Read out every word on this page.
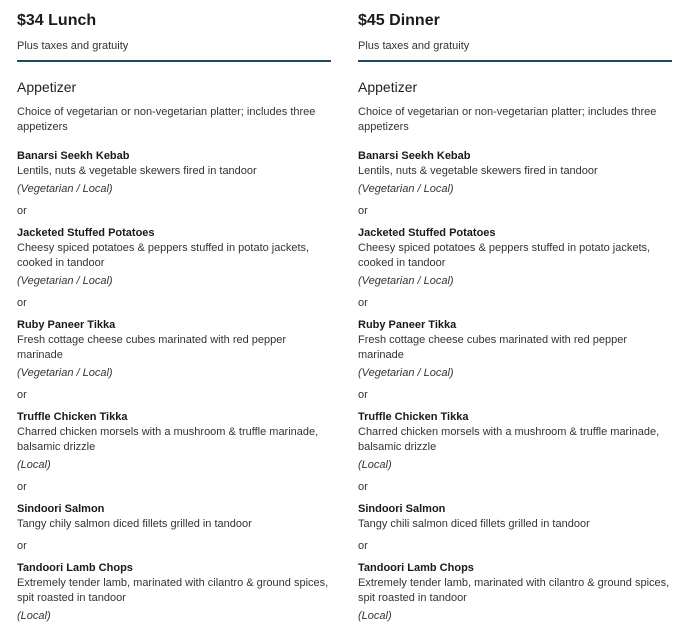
$34 Lunch
Plus taxes and gratuity
Appetizer
Choice of vegetarian or non-vegetarian platter; includes three appetizers
Banarsi Seekh Kebab
Lentils, nuts & vegetable skewers fired in tandoor
(Vegetarian / Local)
or
Jacketed Stuffed Potatoes
Cheesy spiced potatoes & peppers stuffed in potato jackets, cooked in tandoor
(Vegetarian / Local)
or
Ruby Paneer Tikka
Fresh cottage cheese cubes marinated with red pepper marinade
(Vegetarian / Local)
or
Truffle Chicken Tikka
Charred chicken morsels with a mushroom & truffle marinade, balsamic drizzle
(Local)
or
Sindoori Salmon
Tangy chily salmon diced fillets grilled in tandoor
or
Tandoori Lamb Chops
Extremely tender lamb, marinated with cilantro & ground spices, spit roasted in tandoor
(Local)
$45 Dinner
Plus taxes and gratuity
Appetizer
Choice of vegetarian or non-vegetarian platter; includes three appetizers
Banarsi Seekh Kebab
Lentils, nuts & vegetable skewers fired in tandoor
(Vegetarian / Local)
or
Jacketed Stuffed Potatoes
Cheesy spiced potatoes & peppers stuffed in potato jackets, cooked in tandoor
(Vegetarian / Local)
or
Ruby Paneer Tikka
Fresh cottage cheese cubes marinated with red pepper marinade
(Vegetarian / Local)
or
Truffle Chicken Tikka
Charred chicken morsels with a mushroom & truffle marinade, balsamic drizzle
(Local)
or
Sindoori Salmon
Tangy chili salmon diced fillets grilled in tandoor
or
Tandoori Lamb Chops
Extremely tender lamb, marinated with cilantro & ground spices, spit roasted in tandoor
(Local)
